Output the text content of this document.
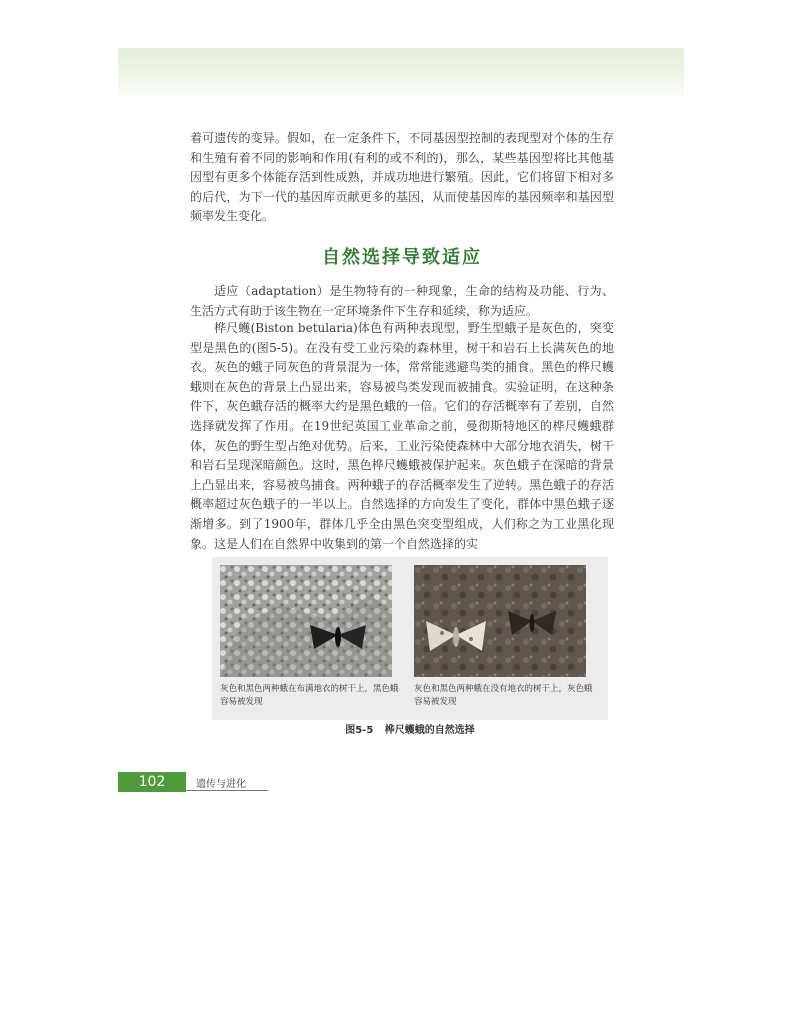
着可遗传的变异。假如，在一定条件下，不同基因型控制的表现型对个体的生存和生殖有着不同的影响和作用(有利的或不利的)，那么，某些基因型将比其他基因型有更多个体能存活到性成熟，并成功地进行繁殖。因此，它们将留下相对多的后代，为下一代的基因库贡献更多的基因，从而使基因库的基因频率和基因型频率发生变化。

自然选择导致适应

适应（adaptation）是生物特有的一种现象，生命的结构及功能、行为、生活方式有助于该生物在一定环境条件下生存和延续，称为适应。

桦尺蠖(Biston betularia)体色有两种表现型，野生型蛾子是灰色的，突变型是黑色的(图5-5)。在没有受工业污染的森林里，树干和岩石上长满灰色的地衣。灰色的蛾子同灰色的背景混为一体，常常能逃避鸟类的捕食。黑色的桦尺蠖蛾则在灰色的背景上凸显出来，容易被鸟类发现而被捕食。实验证明，在这种条件下，灰色蛾存活的概率大约是黑色蛾的一倍。它们的存活概率有了差别，自然选择就发挥了作用。在19世纪英国工业革命之前，曼彻斯特地区的桦尺蠖蛾群体，灰色的野生型占绝对优势。后来，工业污染使森林中大部分地衣消失，树干和岩石呈现深暗颜色。这时，黑色桦尺蠖蛾被保护起来。灰色蛾子在深暗的背景上凸显出来，容易被鸟捕食。两种蛾子的存活概率发生了逆转。黑色蛾子的存活概率超过灰色蛾子的一半以上。自然选择的方向发生了变化，群体中黑色蛾子逐渐增多。到了1900年，群体几乎全由黑色突变型组成，人们称之为工业黑化现象。这是人们在自然界中收集到的第一个自然选择的实

灰色和黑色两种蛾在布满地衣的树干上，黑色蛾容易被发现

灰色和黑色两种蛾在没有地衣的树干上，灰色蛾容易被发现

图5-5 桦尺蠖蛾的自然选择

102	遗传与进化
